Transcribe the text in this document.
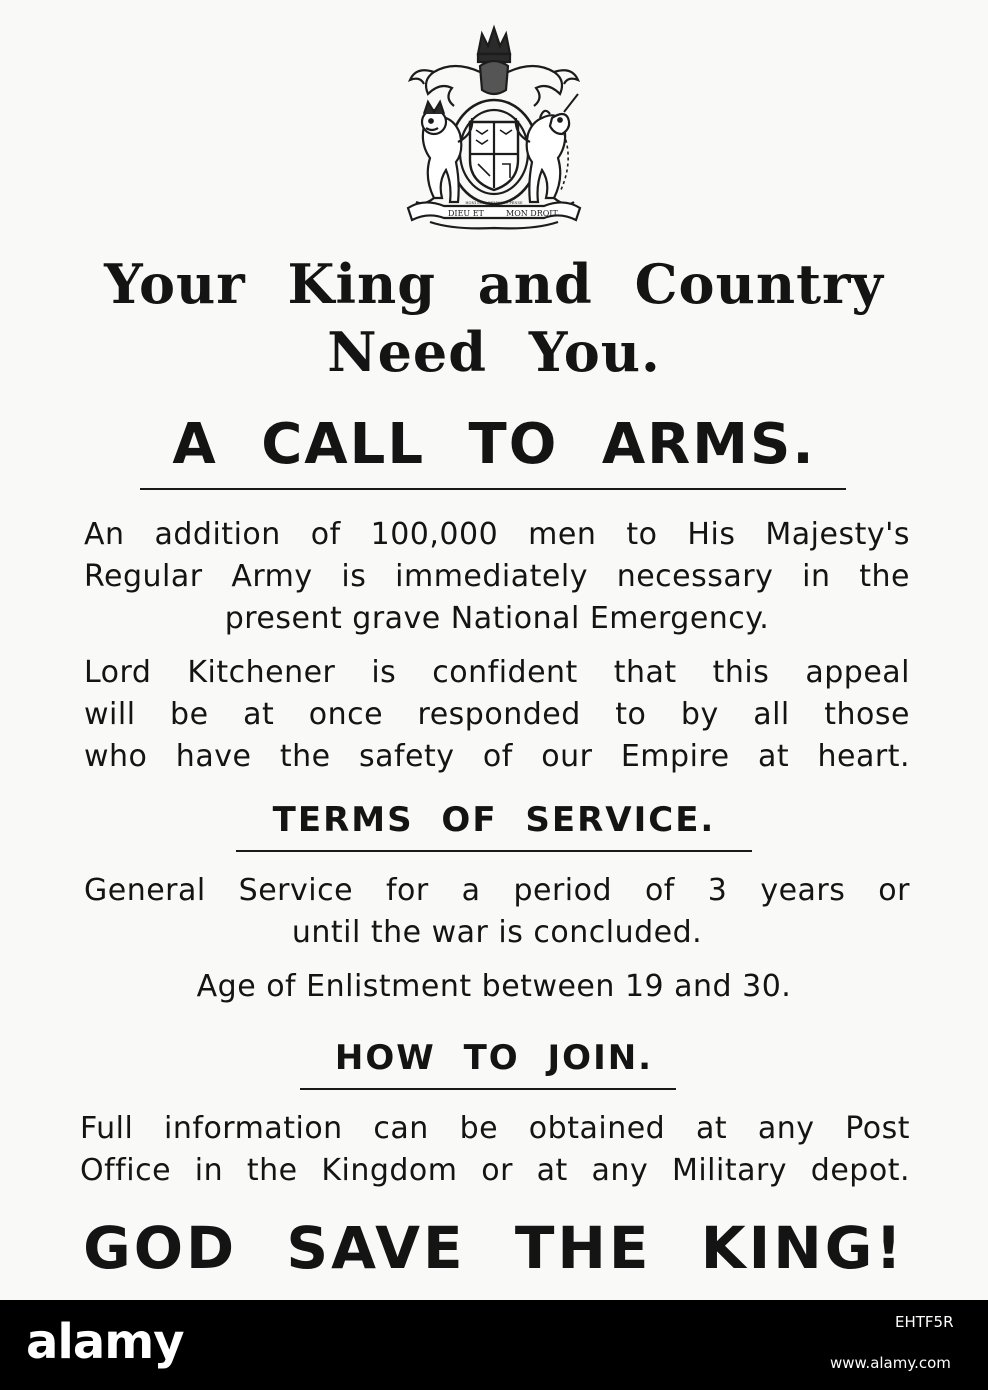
DIEU ET	MON DROIT
HONI SOIT QUI MAL Y PENSE
Your King and Country
Need You.
A CALL TO ARMS.
An addition of 100,000 men to His Majesty's
Regular Army is immediately necessary in the
present grave National Emergency.
Lord Kitchener is confident that this appeal
will be at once responded to by all those
who have the safety of our Empire at heart.
TERMS OF SERVICE.
General Service for a period of 3 years or
until the war is concluded.
Age of Enlistment between 19 and 30.
HOW TO JOIN.
Full information can be obtained at any Post
Office in the Kingdom or at any Military depot.
GOD SAVE THE KING!
alamy	EHTF5R
www.alamy.com
